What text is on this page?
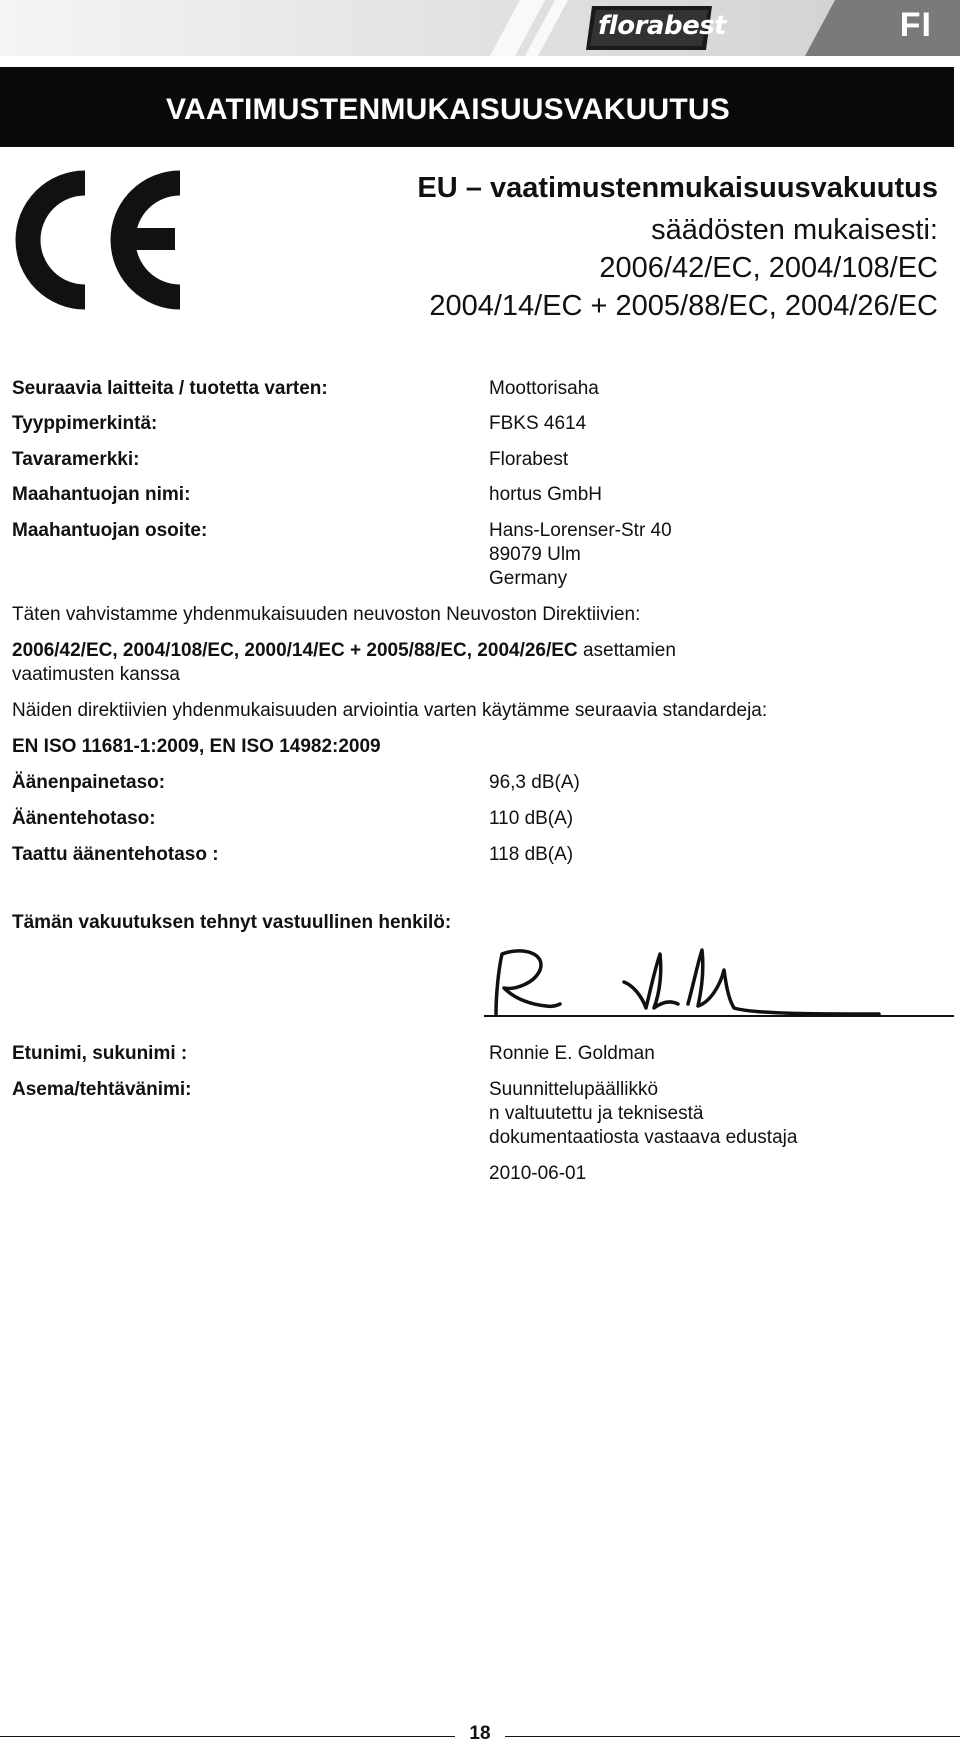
florabest	FI
VAATIMUSTENMUKAISUUSVAKUUTUS
EU – vaatimustenmukaisuusvakuutus
säädösten mukaisesti:
2006/42/EC, 2004/108/EC
2004/14/EC + 2005/88/EC, 2004/26/EC
Seuraavia laitteita / tuotetta varten:	Moottorisaha
Tyyppimerkintä:	FBKS 4614
Tavaramerkki:	Florabest
Maahantuojan nimi:	hortus GmbH
Maahantuojan osoite:	Hans-Lorenser-Str 40
89079 Ulm
Germany
Täten vahvistamme yhdenmukaisuuden neuvoston Neuvoston Direktiivien:
2006/42/EC, 2004/108/EC, 2000/14/EC + 2005/88/EC, 2004/26/EC asettamien
vaatimusten kanssa
Näiden direktiivien yhdenmukaisuuden arviointia varten käytämme seuraavia standardeja:
EN ISO 11681-1:2009, EN ISO 14982:2009
Äänenpainetaso:	96,3 dB(A)
Äänentehotaso:	110 dB(A)
Taattu äänentehotaso :	118 dB(A)
Tämän vakuutuksen tehnyt vastuullinen henkilö:
Etunimi, sukunimi :	Ronnie E. Goldman
Asema/tehtävänimi:	Suunnittelupäällikkö
n valtuutettu ja teknisestä
dokumentaatiosta vastaava edustaja
2010-06-01
18
